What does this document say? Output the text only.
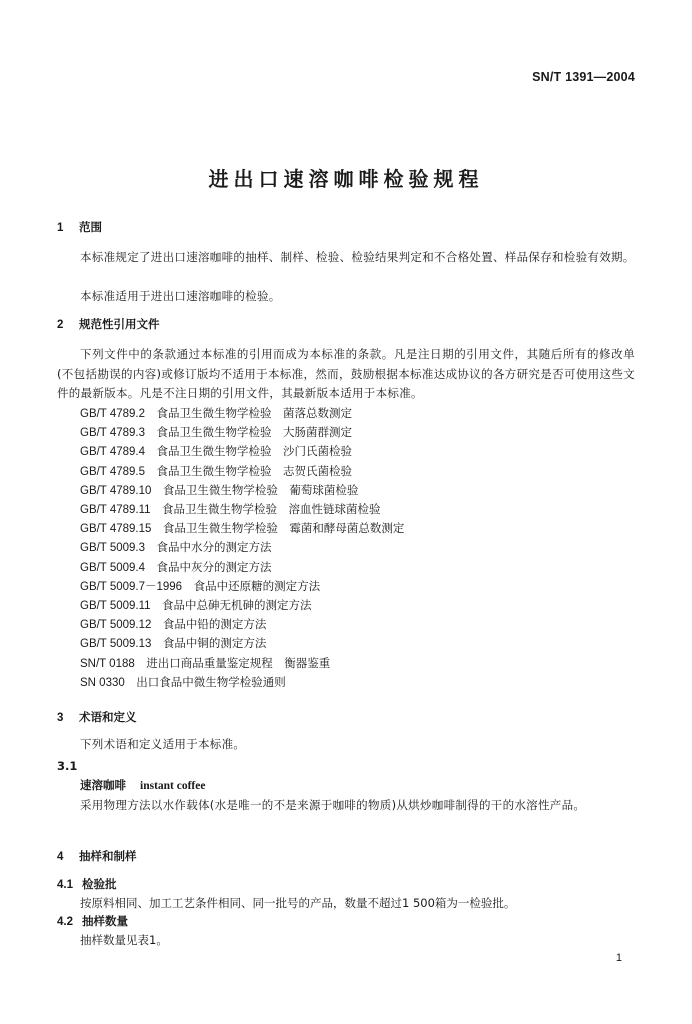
SN/T 1391—2004
进出口速溶咖啡检验规程
1 范围
本标准规定了进出口速溶咖啡的抽样、制样、检验、检验结果判定和不合格处置、样品保存和检验有效期。
本标准适用于进出口速溶咖啡的检验。
2 规范性引用文件
下列文件中的条款通过本标准的引用而成为本标准的条款。凡是注日期的引用文件，其随后所有的修改单(不包括勘误的内容)或修订版均不适用于本标准，然而，鼓励根据本标准达成协议的各方研究是否可使用这些文件的最新版本。凡是不注日期的引用文件，其最新版本适用于本标准。
GB/T 4789.2　 食品卫生微生物学检验　菌落总数测定
GB/T 4789.3　 食品卫生微生物学检验　大肠菌群测定
GB/T 4789.4　 食品卫生微生物学检验　沙门氏菌检验
GB/T 4789.5　 食品卫生微生物学检验　志贺氏菌检验
GB/T 4789.10　 食品卫生微生物学检验　葡萄球菌检验
GB/T 4789.11　 食品卫生微生物学检验　溶血性链球菌检验
GB/T 4789.15　 食品卫生微生物学检验　霉菌和酵母菌总数测定
GB/T 5009.3　 食品中水分的测定方法
GB/T 5009.4　 食品中灰分的测定方法
GB/T 5009.7－1996　 食品中还原糖的测定方法
GB/T 5009.11　 食品中总砷无机砷的测定方法
GB/T 5009.12　 食品中铅的测定方法
GB/T 5009.13　 食品中铜的测定方法
SN/T 0188　 进出口商品重量鉴定规程　衡器鉴重
SN 0330　 出口食品中微生物学检验通则
3 术语和定义
下列术语和定义适用于本标准。
3.1
速溶咖啡 instant coffee
采用物理方法以水作载体(水是唯一的不是来源于咖啡的物质)从烘炒咖啡制得的干的水溶性产品。
4 抽样和制样
4.1 检验批
按原料相同、加工工艺条件相同、同一批号的产品，数量不超过1 500箱为一检验批。
4.2 抽样数量
抽样数量见表1。
1
